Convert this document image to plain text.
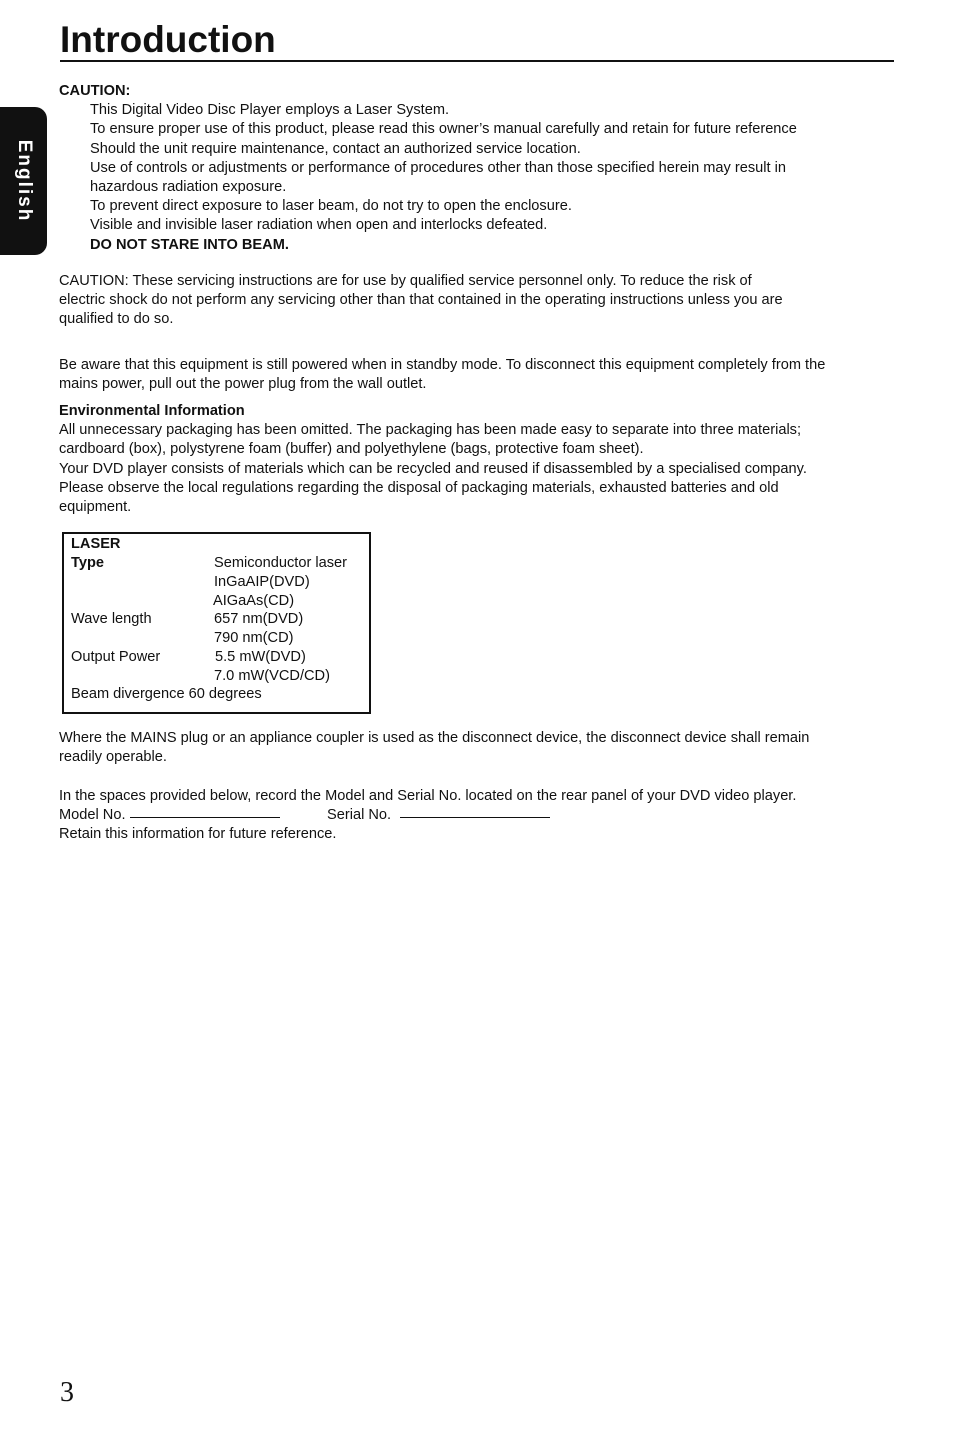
Introduction
English
CAUTION:
This Digital Video Disc Player employs a Laser System.
To ensure proper use of this product, please read this owner’s manual carefully and retain for future reference
Should the unit require maintenance, contact an authorized service location.
Use of controls or adjustments or performance of procedures other than those specified herein may result in
hazardous radiation exposure.
To prevent direct exposure to laser beam, do not try to open the enclosure.
Visible and invisible laser radiation when open and interlocks defeated.
DO NOT STARE INTO BEAM.
CAUTION: These servicing instructions are for use by qualified service personnel only. To reduce the risk of
electric shock do not perform any servicing other than that contained in the operating instructions unless you are
qualified to do so.
Be aware that this equipment is still powered when in standby mode. To disconnect this equipment completely from the
mains power, pull out the power plug from the wall outlet.
Environmental Information
All unnecessary packaging has been omitted. The packaging has been made easy to separate into three materials;
cardboard (box), polystyrene foam (buffer) and polyethylene (bags, protective foam sheet).
Your DVD player consists of materials which can be recycled and reused if disassembled by a specialised company.
Please observe the local regulations regarding the disposal of packaging materials, exhausted batteries and old
equipment.
LASER
Type	Semiconductor laser
InGaAIP(DVD)
AIGaAs(CD)
Wave length	657 nm(DVD)
790 nm(CD)
Output Power	5.5 mW(DVD)
7.0 mW(VCD/CD)
Beam divergence 60 degrees
Where the MAINS plug or an appliance coupler is used as the disconnect device, the disconnect device shall remain
readily operable.
In the spaces provided below, record the Model and Serial No. located on the rear panel of your DVD video player.
Model No.	Serial No.
Retain this information for future reference.
3
